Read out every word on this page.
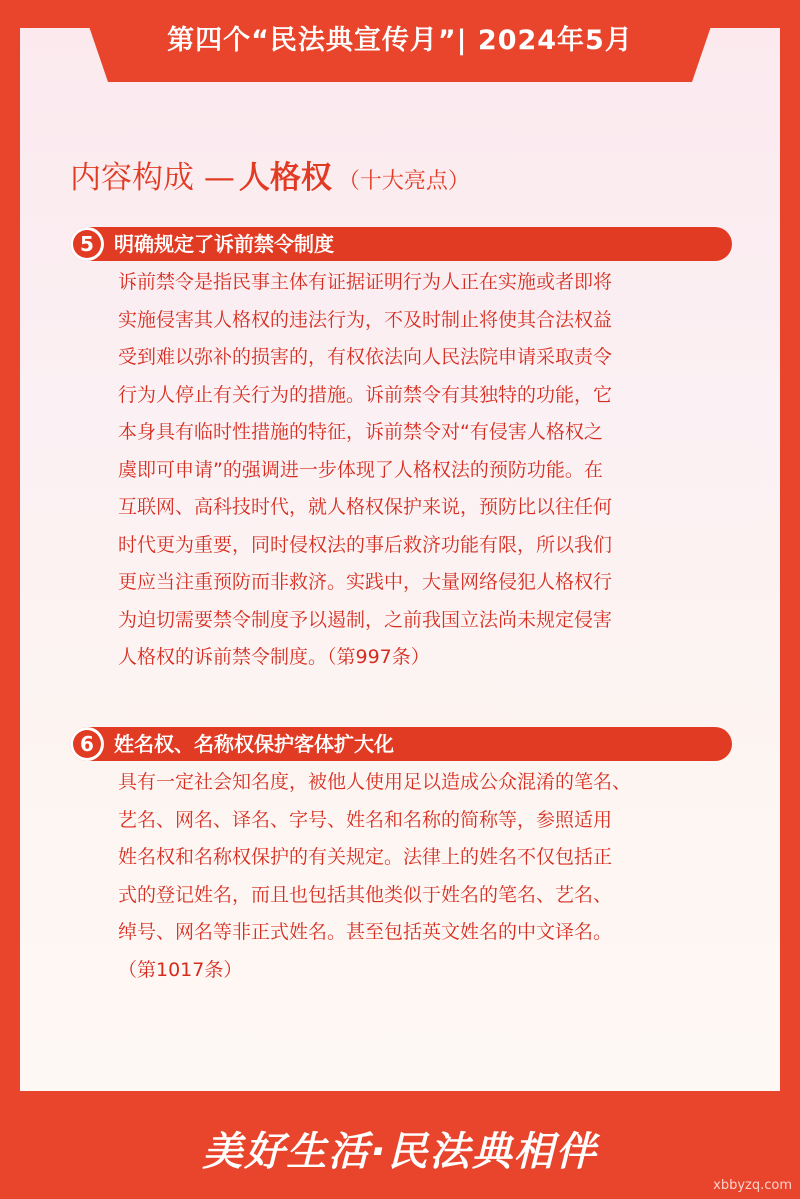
第四个“民法典宣传月”| 2024年5月
内容构成 — 人格权 （十大亮点）
5	明确规定了诉前禁令制度
诉前禁令是指民事主体有证据证明行为人正在实施或者即将
实施侵害其人格权的违法行为，不及时制止将使其合法权益
受到难以弥补的损害的，有权依法向人民法院申请采取责令
行为人停止有关行为的措施。诉前禁令有其独特的功能，它
本身具有临时性措施的特征，诉前禁令对“有侵害人格权之
虞即可申请”的强调进一步体现了人格权法的预防功能。在
互联网、高科技时代，就人格权保护来说，预防比以往任何
时代更为重要，同时侵权法的事后救济功能有限，所以我们
更应当注重预防而非救济。实践中，大量网络侵犯人格权行
为迫切需要禁令制度予以遏制，之前我国立法尚未规定侵害
人格权的诉前禁令制度。（第997条）
6	姓名权、名称权保护客体扩大化
具有一定社会知名度，被他人使用足以造成公众混淆的笔名、
艺名、网名、译名、字号、姓名和名称的简称等，参照适用
姓名权和名称权保护的有关规定。法律上的姓名不仅包括正
式的登记姓名，而且也包括其他类似于姓名的笔名、艺名、
绰号、网名等非正式姓名。甚至包括英文姓名的中文译名。
（第1017条）
美好生活·民法典相伴
xbbyzq.com
